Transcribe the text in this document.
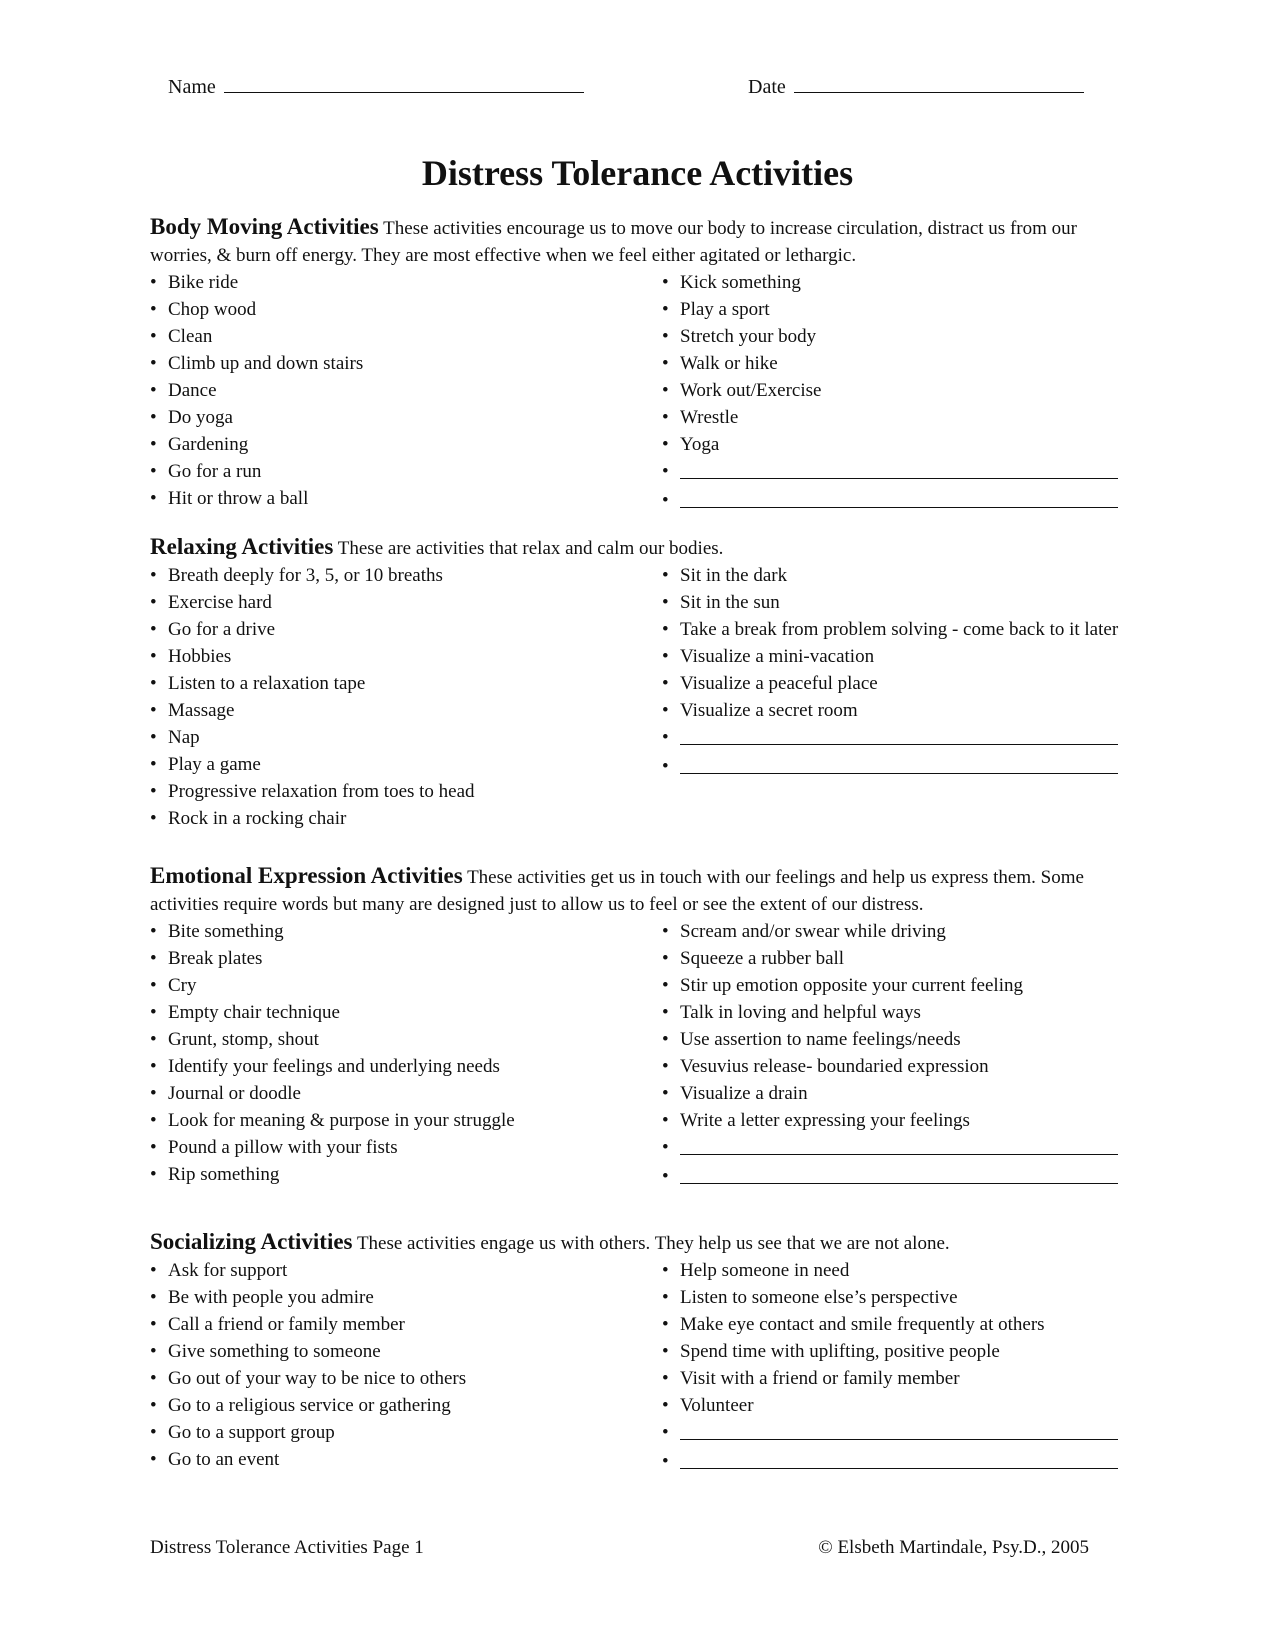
Name	Date
Distress Tolerance Activities

Body Moving Activities These activities encourage us to move our body to increase circulation, distract us from our worries, & burn off energy. They are most effective when we feel either agitated or lethargic.

• Bike ride
• Chop wood
• Clean
• Climb up and down stairs
• Dance
• Do yoga
• Gardening
• Go for a run
• Hit or throw a ball
• Kick something
• Play a sport
• Stretch your body
• Walk or hike
• Work out/Exercise
• Wrestle
• Yoga
•
•

Relaxing Activities These are activities that relax and calm our bodies.

• Breath deeply for 3, 5, or 10 breaths
• Exercise hard
• Go for a drive
• Hobbies
• Listen to a relaxation tape
• Massage
• Nap
• Play a game
• Progressive relaxation from toes to head
• Rock in a rocking chair
• Sit in the dark
• Sit in the sun
• Take a break from problem solving - come back to it later
• Visualize a mini-vacation
• Visualize a peaceful place
• Visualize a secret room
•
•

Emotional Expression Activities These activities get us in touch with our feelings and help us express them. Some activities require words but many are designed just to allow us to feel or see the extent of our distress.

• Bite something
• Break plates
• Cry
• Empty chair technique
• Grunt, stomp, shout
• Identify your feelings and underlying needs
• Journal or doodle
• Look for meaning & purpose in your struggle
• Pound a pillow with your fists
• Rip something
• Scream and/or swear while driving
• Squeeze a rubber ball
• Stir up emotion opposite your current feeling
• Talk in loving and helpful ways
• Use assertion to name feelings/needs
• Vesuvius release- boundaried expression
• Visualize a drain
• Write a letter expressing your feelings
•
•

Socializing Activities These activities engage us with others. They help us see that we are not alone.

• Ask for support
• Be with people you admire
• Call a friend or family member
• Give something to someone
• Go out of your way to be nice to others
• Go to a religious service or gathering
• Go to a support group
• Go to an event
• Help someone in need
• Listen to someone else’s perspective
• Make eye contact and smile frequently at others
• Spend time with uplifting, positive people
• Visit with a friend or family member
• Volunteer
•
•
Distress Tolerance Activities Page 1	© Elsbeth Martindale, Psy.D., 2005
